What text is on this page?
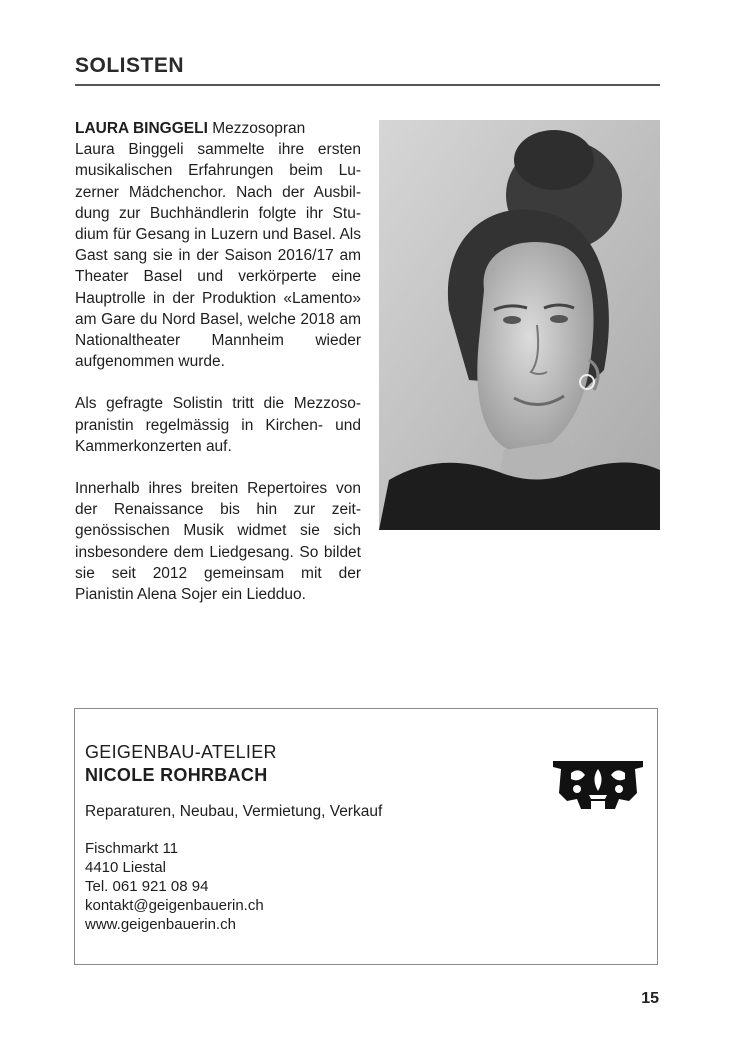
SOLISTEN

LAURA BINGGELI Mezzosopran
Laura Binggeli sammelte ihre ersten musikalischen Erfahrungen beim Luzerner Mädchenchor. Nach der Ausbildung zur Buchhändlerin folgte ihr Studium für Gesang in Luzern und Basel. Als Gast sang sie in der Saison 2016/17 am Theater Basel und verkörperte eine Hauptrolle in der Produktion «Lamento» am Gare du Nord Basel, welche 2018 am Nationaltheater Mannheim wieder aufgenommen wurde.

Als gefragte Solistin tritt die Mezzosopranistin regelmässig in Kirchen- und Kammerkonzerten auf.

Innerhalb ihres breiten Repertoires von der Renaissance bis hin zur zeitgenössischen Musik widmet sie sich insbesondere dem Liedgesang. So bildet sie seit 2012 gemeinsam mit der Pianistin Alena Sojer ein Liedduo.

GEIGENBAU-ATELIER
NICOLE ROHRBACH
Reparaturen, Neubau, Vermietung, Verkauf
Fischmarkt 11
4410 Liestal
Tel. 061 921 08 94
kontakt@geigenbauerin.ch
www.geigenbauerin.ch
15
